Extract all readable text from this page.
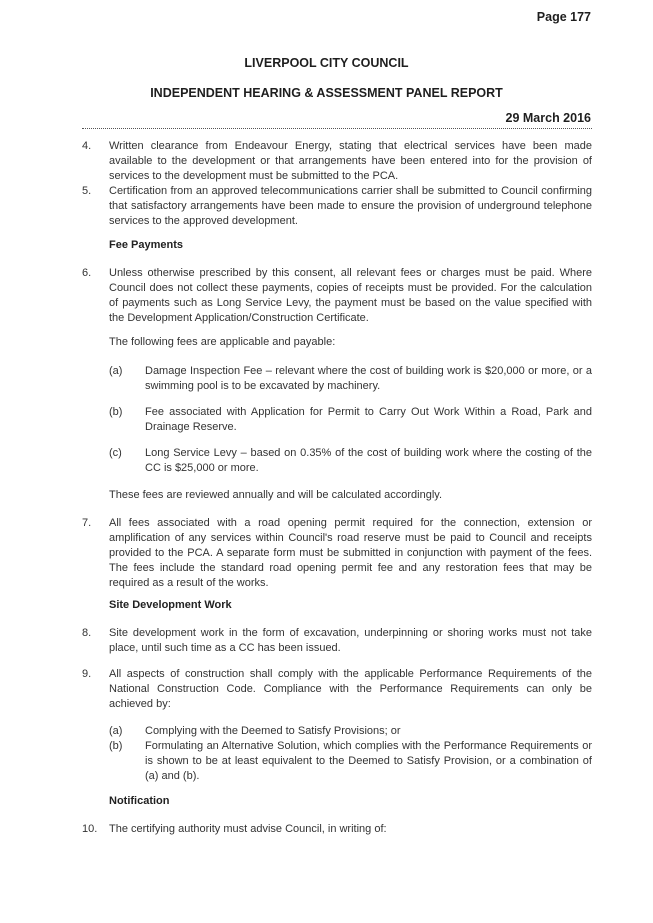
Page 177
LIVERPOOL CITY COUNCIL
INDEPENDENT HEARING & ASSESSMENT PANEL REPORT
29 March 2016
4. Written clearance from Endeavour Energy, stating that electrical services have been made available to the development or that arrangements have been entered into for the provision of services to the development must be submitted to the PCA.
5. Certification from an approved telecommunications carrier shall be submitted to Council confirming that satisfactory arrangements have been made to ensure the provision of underground telephone services to the approved development.
Fee Payments
6. Unless otherwise prescribed by this consent, all relevant fees or charges must be paid. Where Council does not collect these payments, copies of receipts must be provided. For the calculation of payments such as Long Service Levy, the payment must be based on the value specified with the Development Application/Construction Certificate.
The following fees are applicable and payable:
(a) Damage Inspection Fee – relevant where the cost of building work is $20,000 or more, or a swimming pool is to be excavated by machinery.
(b) Fee associated with Application for Permit to Carry Out Work Within a Road, Park and Drainage Reserve.
(c) Long Service Levy – based on 0.35% of the cost of building work where the costing of the CC is $25,000 or more.
These fees are reviewed annually and will be calculated accordingly.
7. All fees associated with a road opening permit required for the connection, extension or amplification of any services within Council's road reserve must be paid to Council and receipts provided to the PCA. A separate form must be submitted in conjunction with payment of the fees. The fees include the standard road opening permit fee and any restoration fees that may be required as a result of the works.
Site Development Work
8. Site development work in the form of excavation, underpinning or shoring works must not take place, until such time as a CC has been issued.
9. All aspects of construction shall comply with the applicable Performance Requirements of the National Construction Code. Compliance with the Performance Requirements can only be achieved by:
(a) Complying with the Deemed to Satisfy Provisions; or
(b) Formulating an Alternative Solution, which complies with the Performance Requirements or is shown to be at least equivalent to the Deemed to Satisfy Provision, or a combination of (a) and (b).
Notification
10. The certifying authority must advise Council, in writing of:
